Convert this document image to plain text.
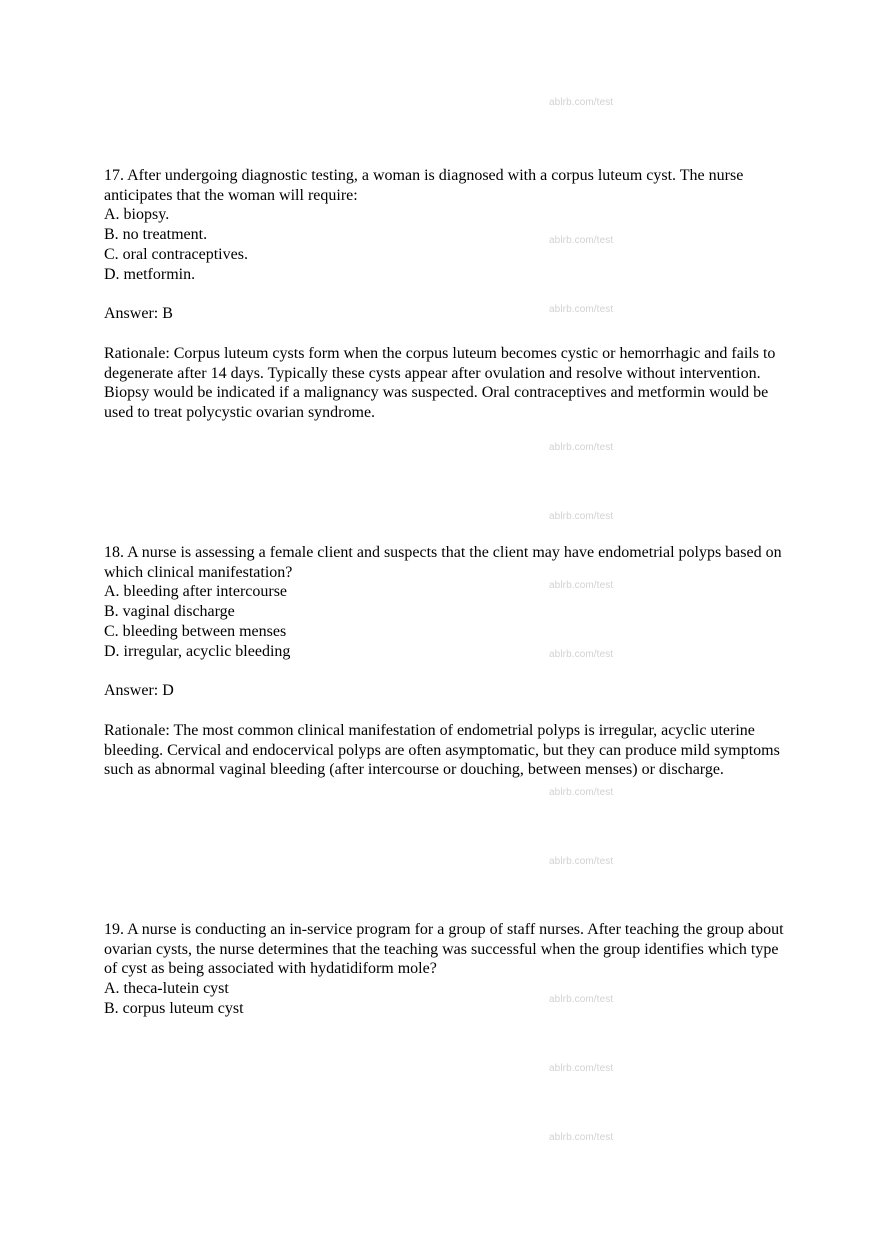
17. After undergoing diagnostic testing, a woman is diagnosed with a corpus luteum cyst. The nurse anticipates that the woman will require:

A. biopsy.

B. no treatment.

C. oral contraceptives.

D. metformin.

Answer: B

Rationale: Corpus luteum cysts form when the corpus luteum becomes cystic or hemorrhagic and fails to degenerate after 14 days. Typically these cysts appear after ovulation and resolve without intervention. Biopsy would be indicated if a malignancy was suspected. Oral contraceptives and metformin would be used to treat polycystic ovarian syndrome.

18. A nurse is assessing a female client and suspects that the client may have endometrial polyps based on which clinical manifestation?

A. bleeding after intercourse

B. vaginal discharge

C. bleeding between menses

D. irregular, acyclic bleeding

Answer: D

Rationale: The most common clinical manifestation of endometrial polyps is irregular, acyclic uterine bleeding. Cervical and endocervical polyps are often asymptomatic, but they can produce mild symptoms such as abnormal vaginal bleeding (after intercourse or douching, between menses) or discharge.

19. A nurse is conducting an in-service program for a group of staff nurses. After teaching the group about ovarian cysts, the nurse determines that the teaching was successful when the group identifies which type of cyst as being associated with hydatidiform mole?

A. theca-lutein cyst

B. corpus luteum cyst

ablrb.com/test
ablrb.com/test
ablrb.com/test
ablrb.com/test
ablrb.com/test
ablrb.com/test
ablrb.com/test
ablrb.com/test
ablrb.com/test
ablrb.com/test
ablrb.com/test
ablrb.com/test
